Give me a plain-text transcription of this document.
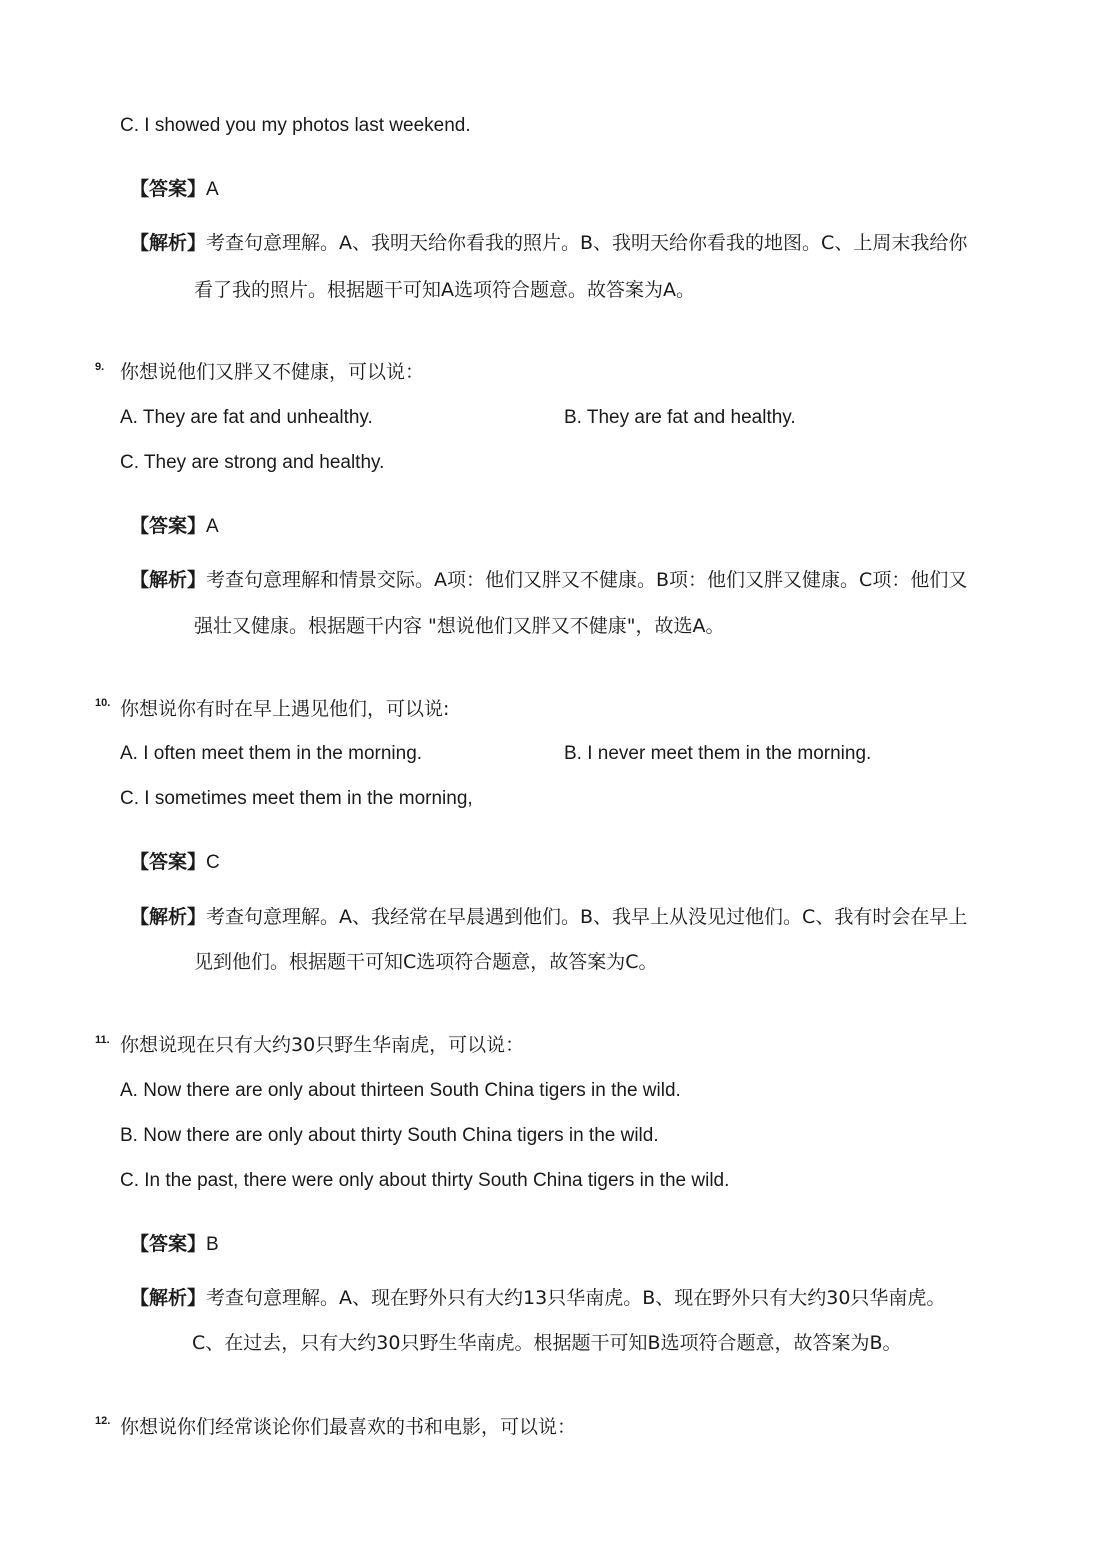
C. I showed you my photos last weekend.
【答案】A
【解析】考查句意理解。A、我明天给你看我的照片。B、我明天给你看我的地图。C、上周末我给你
看了我的照片。根据题干可知A选项符合题意。故答案为A。
9. 你想说他们又胖又不健康，可以说：
A. They are fat and unhealthy.	B. They are fat and healthy.
C. They are strong and healthy.
【答案】A
【解析】考查句意理解和情景交际。A项：他们又胖又不健康。B项：他们又胖又健康。C项：他们又
强壮又健康。根据题干内容 "想说他们又胖又不健康"，故选A。
10. 你想说你有时在早上遇见他们，可以说:
A. I often meet them in the morning.	B. I never meet them in the morning.
C. I sometimes meet them in the morning,
【答案】C
【解析】考查句意理解。A、我经常在早晨遇到他们。B、我早上从没见过他们。C、我有时会在早上
见到他们。根据题干可知C选项符合题意，故答案为C。
11. 你想说现在只有大约30只野生华南虎，可以说：
A. Now there are only about thirteen South China tigers in the wild.
B. Now there are only about thirty South China tigers in the wild.
C. In the past, there were only about thirty South China tigers in the wild.
【答案】B
【解析】考查句意理解。A、现在野外只有大约13只华南虎。B、现在野外只有大约30只华南虎。
C、在过去，只有大约30只野生华南虎。根据题干可知B选项符合题意，故答案为B。
12. 你想说你们经常谈论你们最喜欢的书和电影，可以说：
